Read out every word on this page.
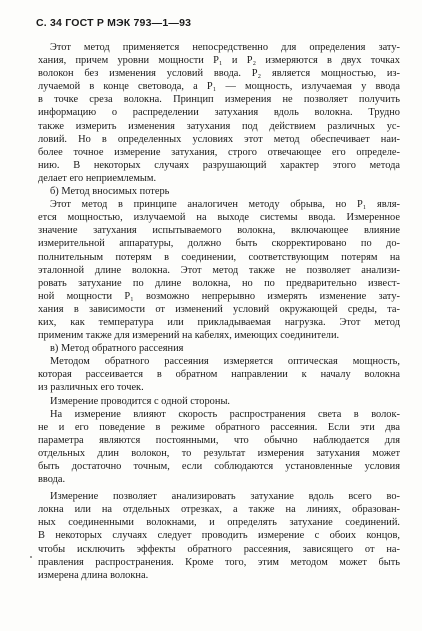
С. 34 ГОСТ Р МЭК 793—1—93
Этот метод применяется непосредственно для определения зату-
хания, причем уровни мощности P₁ и P₂ измеряются в двух точках
волокон без изменения условий ввода. P₂ является мощностью, из-
лучаемой в конце световода, а P₁ — мощность, излучаемая у ввода
в точке среза волокна. Принцип измерения не позволяет получить
информацию о распределении затухания вдоль волокна. Трудно
также измерить изменения затухания под действием различных ус-
ловий. Но в определенных условиях этот метод обеспечивает наи-
более точное измерение затухания, строго отвечающее его определе-
нию. В некоторых случаях разрушающий характер этого метода
делает его неприемлемым.
б) Метод вносимых потерь
Этот метод в принципе аналогичен методу обрыва, но P₁ явля-
ется мощностью, излучаемой на выходе системы ввода. Измеренное
значение затухания испытываемого волокна, включающее влияние
измерительной аппаратуры, должно быть скорректировано по до-
полнительным потерям в соединении, соответствующим потерям на
эталонной длине волокна. Этот метод также не позволяет анализи-
ровать затухание по длине волокна, но по предварительно извест-
ной мощности P₁ возможно непрерывно измерять изменение зату-
хания в зависимости от изменений условий окружающей среды, та-
ких, как температура или прикладываемая нагрузка. Этот метод
применим также для измерений на кабелях, имеющих соединители.
в) Метод обратного рассеяния
Методом обратного рассеяния измеряется оптическая мощность,
которая рассеивается в обратном направлении к началу волокна
из различных его точек.
Измерение проводится с одной стороны.
На измерение влияют скорость распространения света в волок-
не и его поведение в режиме обратного рассеяния. Если эти два
параметра являются постоянными, что обычно наблюдается для
отдельных длин волокон, то результат измерения затухания может
быть достаточно точным, если соблюдаются установленные условия
ввода.
Измерение позволяет анализировать затухание вдоль всего во-
локна или на отдельных отрезках, а также на линиях, образован-
ных соединенными волокнами, и определять затухание соединений.
В некоторых случаях следует проводить измерение с обоих концов,
чтобы исключить эффекты обратного рассеяния, зависящего от на-
правления распространения. Кроме того, этим методом может быть
измерена длина волокна.
